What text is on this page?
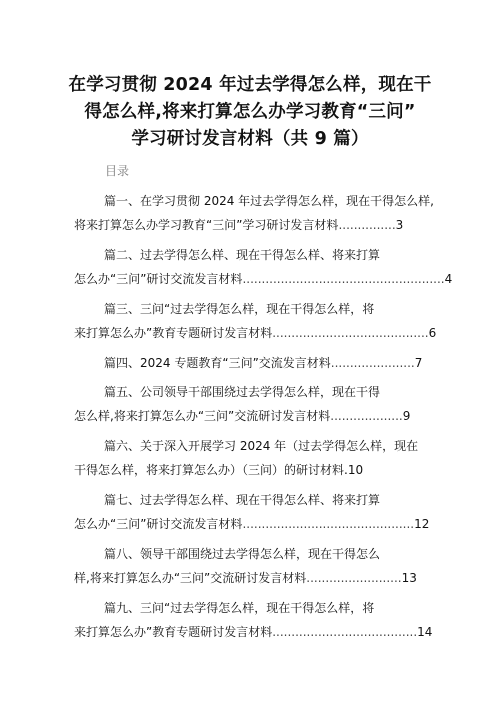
在学习贯彻 2024 年过去学得怎么样，现在干
得怎么样,将来打算怎么办学习教育“三问”
学习研讨发言材料（共 9 篇）
目录
篇一、在学习贯彻 2024 年过去学得怎么样，现在干得怎么样,
将来打算怎么办学习教育“三问”学习研讨发言材料...............3
篇二、过去学得怎么样、现在干得怎么样、将来打算
怎么办“三问”研讨交流发言材料.....................................................4
篇三、三问“过去学得怎么样，现在干得怎么样，将
来打算怎么办”教育专题研讨发言材料.........................................6
篇四、2024 专题教育“三问”交流发言材料......................7
篇五、公司领导干部围绕过去学得怎么样，现在干得
怎么样,将来打算怎么办“三问”交流研讨发言材料...................9
篇六、关于深入开展学习 2024 年（过去学得怎么样，现在
干得怎么样，将来打算怎么办）（三问）的研讨材料.10
篇七、过去学得怎么样、现在干得怎么样、将来打算
怎么办“三问”研讨交流发言材料.............................................12
篇八、领导干部围绕过去学得怎么样，现在干得怎么
样,将来打算怎么办“三问”交流研讨发言材料.........................13
篇九、三问“过去学得怎么样，现在干得怎么样，将
来打算怎么办”教育专题研讨发言材料......................................14
